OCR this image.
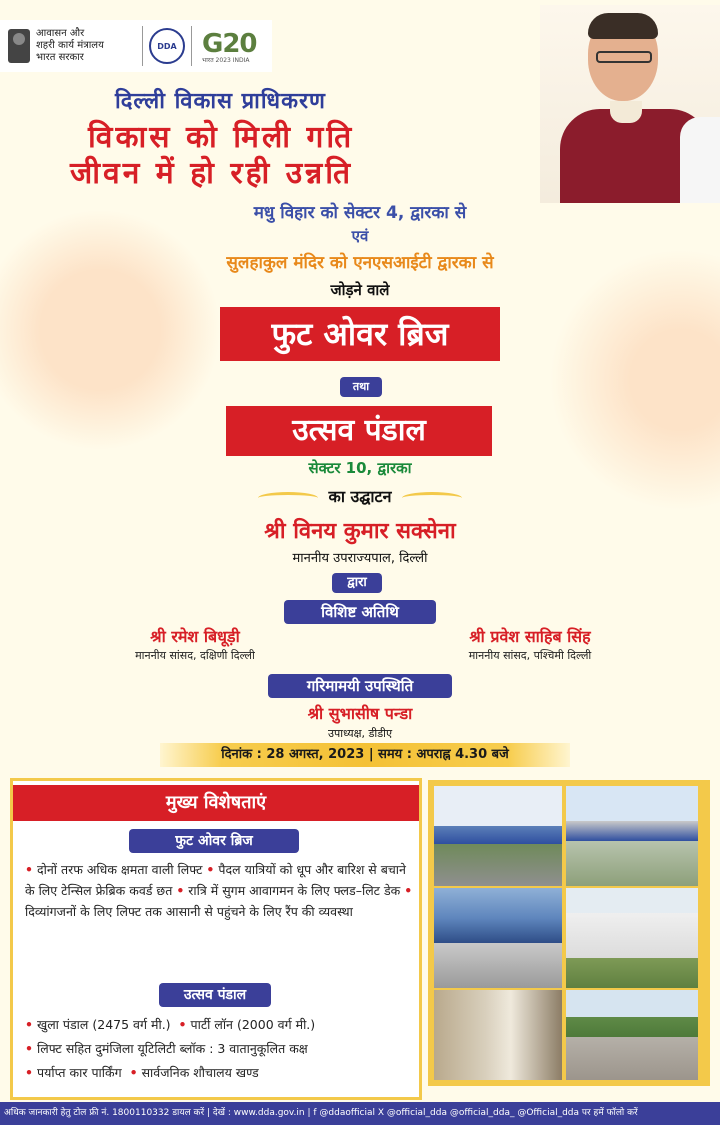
आवासन और
शहरी कार्य मंत्रालय
भारत सरकार
DDA G20
भारत 2023 INDIA
दिल्ली विकास प्राधिकरण
विकास को मिली गति
जीवन में हो रही उन्नति
मधु विहार को सेक्टर 4, द्वारका से
एवं
सुलहाकुल मंदिर को एनएसआईटी द्वारका से
जोड़ने वाले
फुट ओवर ब्रिज
तथा
उत्सव पंडाल
सेक्टर 10, द्वारका
का उद्घाटन
श्री विनय कुमार सक्सेना
माननीय उपराज्यपाल, दिल्ली
द्वारा
विशिष्ट अतिथि
श्री रमेश बिधूड़ी
माननीय सांसद, दक्षिणी दिल्ली
श्री प्रवेश साहिब सिंह
माननीय सांसद, पश्चिमी दिल्ली
गरिमामयी उपस्थिति
श्री सुभासीष पन्डा
उपाध्यक्ष, डीडीए
दिनांक : 28 अगस्त, 2023 | समय : अपराह्न 4.30 बजे
मुख्य विशेषताएं
फुट ओवर ब्रिज
• दोनों तरफ अधिक क्षमता वाली लिफ्ट • पैदल यात्रियों को धूप और बारिश से बचाने के लिए टेन्सिल फ्रेब्रिक कवर्ड छत • रात्रि में सुगम आवागमन के लिए फ्लड–लिट डेक • दिव्यांगजनों के लिए लिफ्ट तक आसानी से पहुंचने के लिए रैंप की व्यवस्था
उत्सव पंडाल
• खुला पंडाल (2475 वर्ग मी.) • पार्टी लॉन (2000 वर्ग मी.)
• लिफ्ट सहित दुमंजिला यूटिलिटी ब्लॉक : 3 वातानुकूलित कक्ष
• पर्याप्त कार पार्किंग • सार्वजनिक शौचालय खण्ड
अधिक जानकारी हेतु टोल फ्री नं. 1800110332 डायल करें | देखें : www.dda.gov.in | f @ddaofficial X @official_dda @official_dda_ @Official_dda पर हमें फॉलो करें
